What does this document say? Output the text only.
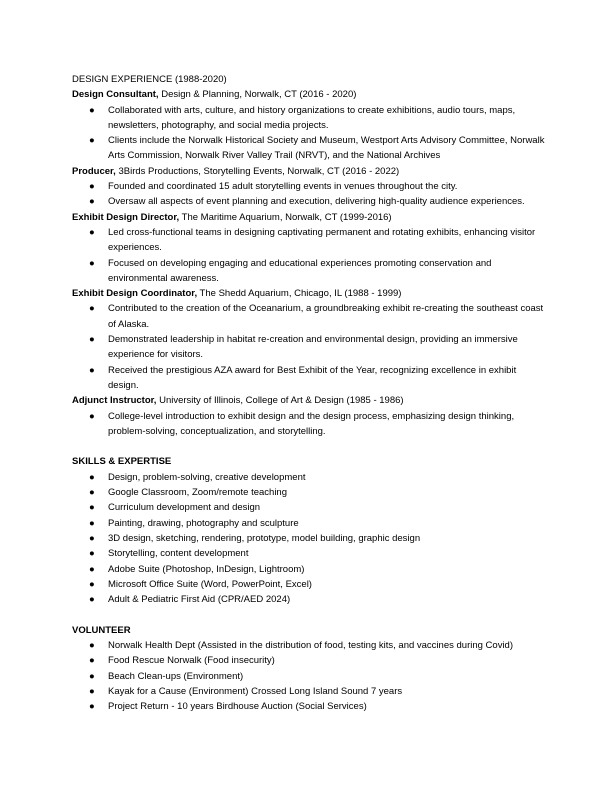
DESIGN EXPERIENCE (1988-2020)
Design Consultant, Design & Planning, Norwalk, CT (2016 - 2020)
● Collaborated with arts, culture, and history organizations to create exhibitions, audio tours, maps, newsletters, photography, and social media projects.
● Clients include the Norwalk Historical Society and Museum, Westport Arts Advisory Committee, Norwalk Arts Commission, Norwalk River Valley Trail (NRVT), and the National Archives
Producer, 3Birds Productions, Storytelling Events, Norwalk, CT (2016 - 2022)
● Founded and coordinated 15 adult storytelling events in venues throughout the city.
● Oversaw all aspects of event planning and execution, delivering high-quality audience experiences.
Exhibit Design Director, The Maritime Aquarium, Norwalk, CT (1999-2016)
● Led cross-functional teams in designing captivating permanent and rotating exhibits, enhancing visitor experiences.
● Focused on developing engaging and educational experiences promoting conservation and environmental awareness.
Exhibit Design Coordinator, The Shedd Aquarium, Chicago, IL (1988 - 1999)
● Contributed to the creation of the Oceanarium, a groundbreaking exhibit re-creating the southeast coast of Alaska.
● Demonstrated leadership in habitat re-creation and environmental design, providing an immersive experience for visitors.
● Received the prestigious AZA award for Best Exhibit of the Year, recognizing excellence in exhibit design.
Adjunct Instructor, University of Illinois, College of Art & Design (1985 - 1986)
● College-level introduction to exhibit design and the design process, emphasizing design thinking, problem-solving, conceptualization, and storytelling.
SKILLS & EXPERTISE
● Design, problem-solving, creative development
● Google Classroom, Zoom/remote teaching
● Curriculum development and design
● Painting, drawing, photography and sculpture
● 3D design, sketching, rendering, prototype, model building, graphic design
● Storytelling, content development
● Adobe Suite (Photoshop, InDesign, Lightroom)
● Microsoft Office Suite (Word, PowerPoint, Excel)
● Adult & Pediatric First Aid (CPR/AED 2024)
VOLUNTEER
● Norwalk Health Dept (Assisted in the distribution of food, testing kits, and vaccines during Covid)
● Food Rescue Norwalk (Food insecurity)
● Beach Clean-ups (Environment)
● Kayak for a Cause (Environment) Crossed Long Island Sound 7 years
● Project Return - 10 years Birdhouse Auction (Social Services)
